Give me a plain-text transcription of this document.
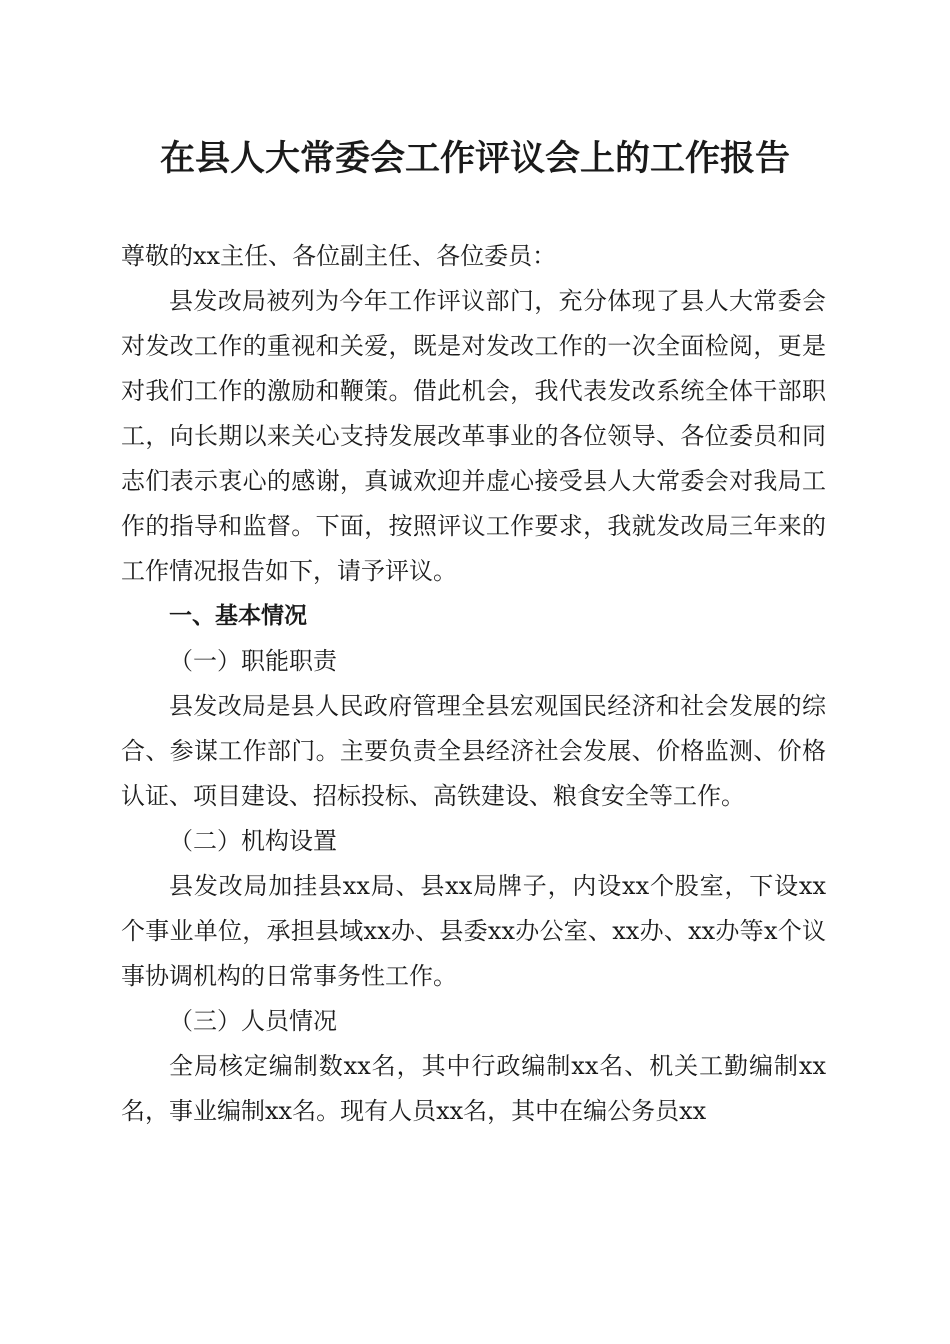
在县人大常委会工作评议会上的工作报告

尊敬的xx主任、各位副主任、各位委员：

县发改局被列为今年工作评议部门，充分体现了县人大常委会对发改工作的重视和关爱，既是对发改工作的一次全面检阅，更是对我们工作的激励和鞭策。借此机会，我代表发改系统全体干部职工，向长期以来关心支持发展改革事业的各位领导、各位委员和同志们表示衷心的感谢，真诚欢迎并虚心接受县人大常委会对我局工作的指导和监督。下面，按照评议工作要求，我就发改局三年来的工作情况报告如下，请予评议。

一、基本情况

（一）职能职责

县发改局是县人民政府管理全县宏观国民经济和社会发展的综合、参谋工作部门。主要负责全县经济社会发展、价格监测、价格认证、项目建设、招标投标、高铁建设、粮食安全等工作。

（二）机构设置

县发改局加挂县xx局、县xx局牌子，内设xx个股室，下设xx个事业单位，承担县域xx办、县委xx办公室、xx办、xx办等x个议事协调机构的日常事务性工作。

（三）人员情况

全局核定编制数xx名，其中行政编制xx名、机关工勤编制xx名，事业编制xx名。现有人员xx名，其中在编公务员xx
